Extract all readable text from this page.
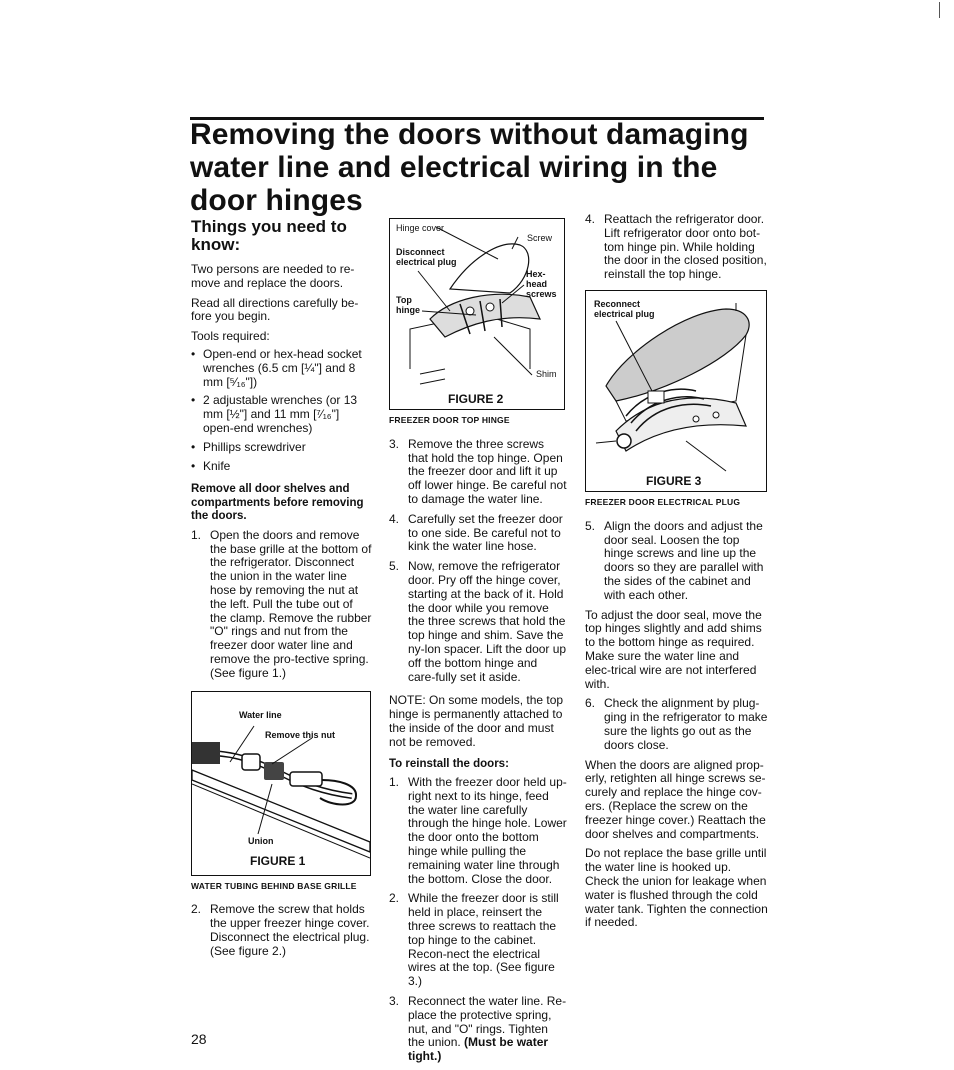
Removing the doors without damaging water line and electrical wiring in the door hinges
Things you need to know:

Two persons are needed to re-move and replace the doors.

Read all directions carefully be-fore you begin.

Tools required:

• Open-end or hex-head socket wrenches (6.5 cm [¼"] and 8 mm [⁵⁄₁₆"])
• 2 adjustable wrenches (or 13 mm [½"] and 11 mm [⁷⁄₁₆"] open-end wrenches)
• Phillips screwdriver
• Knife
Remove all door shelves and compartments before removing the doors.
1. Open the doors and remove the base grille at the bottom of the refrigerator. Disconnect the union in the water line hose by removing the nut at the left. Pull the tube out of the clamp. Remove the rubber "O" rings and nut from the freezer door water line and remove the pro-tective spring. (See figure 1.)
Water line
Remove this nut
Union
FIGURE 1
WATER TUBING BEHIND BASE GRILLE
2. Remove the screw that holds the upper freezer hinge cover. Disconnect the electrical plug. (See figure 2.)
Hinge cover
Screw
Disconnect electrical plug
Hex-head screws
Top hinge
Shim
FIGURE 2
FREEZER DOOR TOP HINGE
3. Remove the three screws that hold the top hinge. Open the freezer door and lift it up off lower hinge. Be careful not to damage the water line.
4. Carefully set the freezer door to one side. Be careful not to kink the water line hose.
5. Now, remove the refrigerator door. Pry off the hinge cover, starting at the back of it. Hold the door while you remove the three screws that hold the top hinge and shim. Save the ny-lon spacer. Lift the door up off the bottom hinge and care-fully set it aside.

NOTE: On some models, the top hinge is permanently attached to the inside of the door and must not be removed.

To reinstall the doors:
1. With the freezer door held up-right next to its hinge, feed the water line carefully through the hinge hole. Lower the door onto the bottom hinge while pulling the remaining water line through the bottom. Close the door.
2. While the freezer door is still held in place, reinsert the three screws to reattach the top hinge to the cabinet. Recon-nect the electrical wires at the top. (See figure 3.)
3. Reconnect the water line. Re-place the protective spring, nut, and "O" rings. Tighten the union. (Must be water tight.)
4. Reattach the refrigerator door. Lift refrigerator door onto bot-tom hinge pin. While holding the door in the closed position, reinstall the top hinge.
Reconnect electrical plug
FIGURE 3
FREEZER DOOR ELECTRICAL PLUG
5. Align the doors and adjust the door seal. Loosen the top hinge screws and line up the doors so they are parallel with the sides of the cabinet and with each other.

To adjust the door seal, move the top hinges slightly and add shims to the bottom hinge as required. Make sure the water line and elec-trical wire are not interfered with.

6. Check the alignment by plug-ging in the refrigerator to make sure the lights go out as the doors close.

When the doors are aligned prop-erly, retighten all hinge screws se-curely and replace the hinge cov-ers. (Replace the screw on the freezer hinge cover.) Reattach the door shelves and compartments.

Do not replace the base grille until the water line is hooked up. Check the union for leakage when water is flushed through the cold water tank. Tighten the connection if needed.

28
